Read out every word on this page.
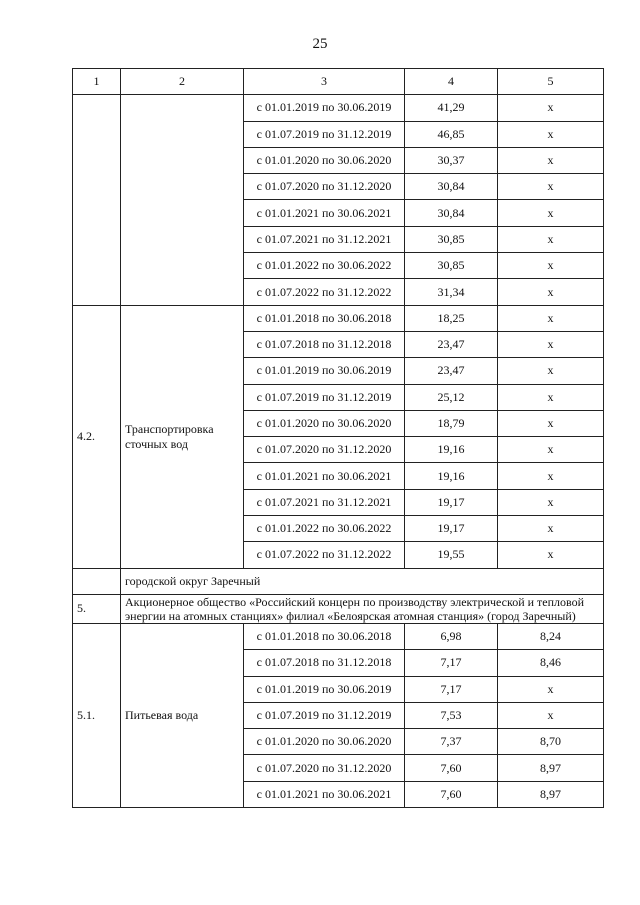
25
1	2	3	4	5
		с 01.01.2019 по 30.06.2019	41,29	х
		с 01.07.2019 по 31.12.2019	46,85	х
		с 01.01.2020 по 30.06.2020	30,37	х
		с 01.07.2020 по 31.12.2020	30,84	х
		с 01.01.2021 по 30.06.2021	30,84	х
		с 01.07.2021 по 31.12.2021	30,85	х
		с 01.01.2022 по 30.06.2022	30,85	х
		с 01.07.2022 по 31.12.2022	31,34	х
4.2.	Транспортировка сточных вод	с 01.01.2018 по 30.06.2018	18,25	х
		с 01.07.2018 по 31.12.2018	23,47	х
		с 01.01.2019 по 30.06.2019	23,47	х
		с 01.07.2019 по 31.12.2019	25,12	х
		с 01.01.2020 по 30.06.2020	18,79	х
		с 01.07.2020 по 31.12.2020	19,16	х
		с 01.01.2021 по 30.06.2021	19,16	х
		с 01.07.2021 по 31.12.2021	19,17	х
		с 01.01.2022 по 30.06.2022	19,17	х
		с 01.07.2022 по 31.12.2022	19,55	х
	городской округ Заречный			
5.	Акционерное общество «Российский концерн по производству электрической и тепловой энергии на атомных станциях» филиал «Белоярская атомная станция» (город Заречный)			
5.1.	Питьевая вода	с 01.01.2018 по 30.06.2018	6,98	8,24
		с 01.07.2018 по 31.12.2018	7,17	8,46
		с 01.01.2019 по 30.06.2019	7,17	х
		с 01.07.2019 по 31.12.2019	7,53	х
		с 01.01.2020 по 30.06.2020	7,37	8,70
		с 01.07.2020 по 31.12.2020	7,60	8,97
		с 01.01.2021 по 30.06.2021	7,60	8,97
